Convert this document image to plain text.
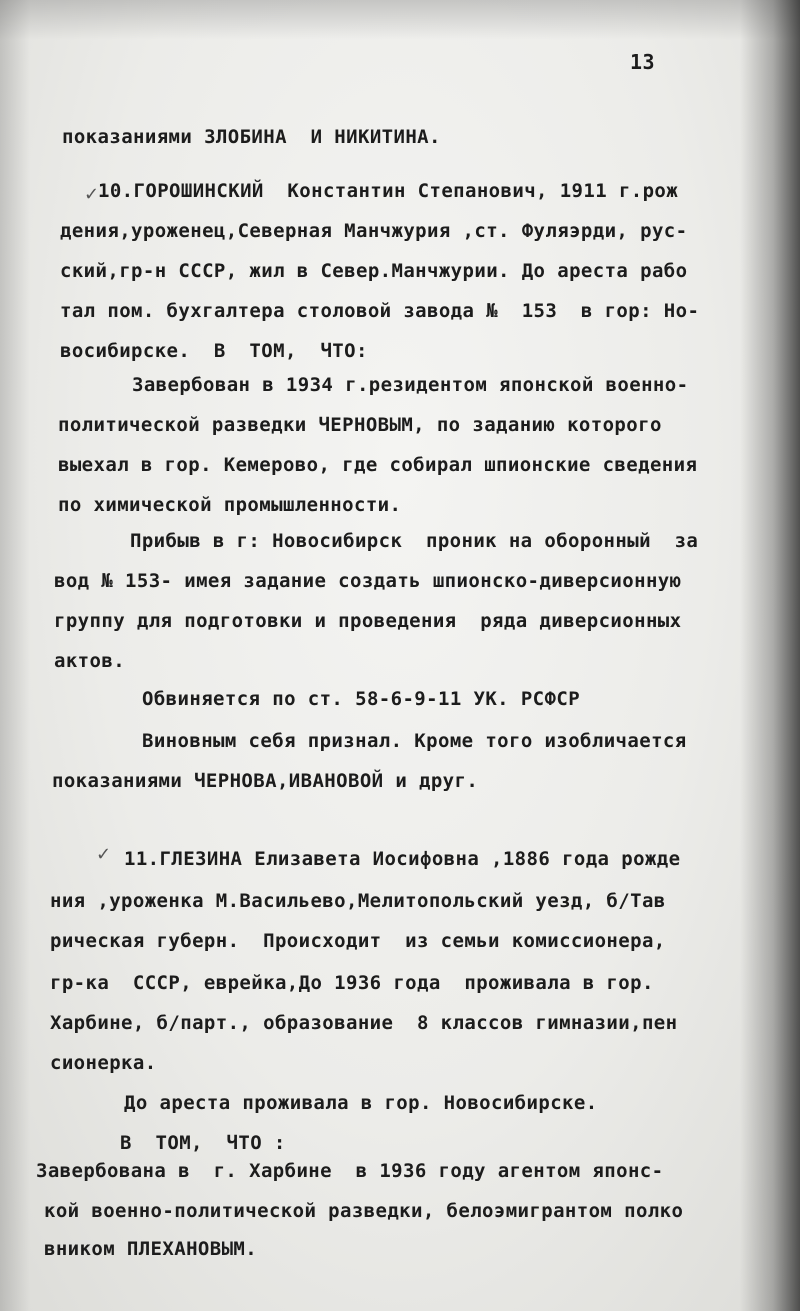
13
✓
✓
показаниями ЗЛОБИНА  И НИКИТИНА.
10.ГОРОШИНСКИЙ  Константин Степанович, 1911 г.рож
дения,уроженец,Северная Манчжурия ,ст. Фуляэрди, рус-
ский,гр-н СССР, жил в Север.Манчжурии. До ареста рабо
тал пом. бухгалтера столовой завода №  153  в гор: Но-
восибирске.  В  ТОМ,  ЧТО:
Завербован в 1934 г.резидентом японской военно-
политической разведки ЧЕРНОВЫМ, по заданию которого
выехал в гор. Кемерово, где собирал шпионские сведения
по химической промышленности.
Прибыв в г: Новосибирск  проник на оборонный  за
вод № 153- имея задание создать шпионско-диверсионную
группу для подготовки и проведения  ряда диверсионных
актов.
Обвиняется по ст. 58-6-9-11 УК. РСФСР
Виновным себя признал. Кроме того изобличается
показаниями ЧЕРНОВА,ИВАНОВОЙ и друг.
11.ГЛЕЗИНА Елизавета Иосифовна ,1886 года рожде
ния ,уроженка М.Васильево,Мелитопольский уезд, б/Тав
рическая губерн.  Происходит  из семьи комиссионера,
гр-ка  СССР, еврейка,До 1936 года  проживала в гор.
Харбине, б/парт., образование  8 классов гимназии,пен
сионерка.
До ареста проживала в гор. Новосибирске.
В  ТОМ,  ЧТО :
Завербована в  г. Харбине  в 1936 году агентом японс-
кой военно-политической разведки, белоэмигрантом полко
вником ПЛЕХАНОВЫМ.
